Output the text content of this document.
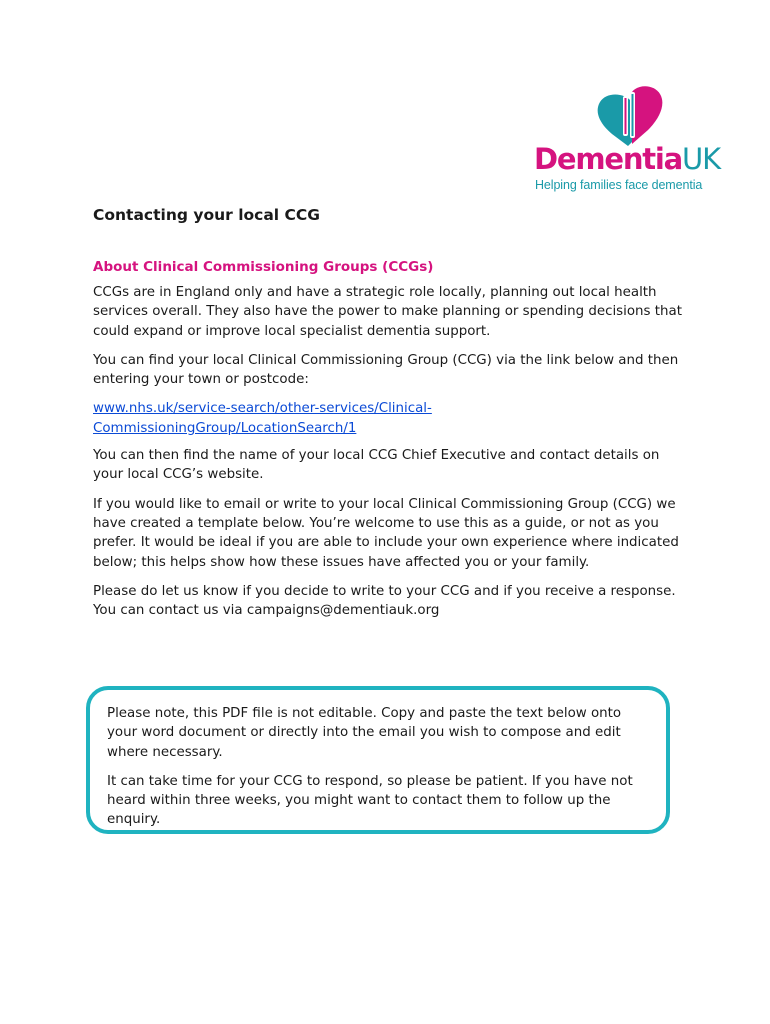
DementiaUK
Helping families face dementia
Contacting your local CCG
About Clinical Commissioning Groups (CCGs)

CCGs are in England only and have a strategic role locally, planning out local health services overall. They also have the power to make planning or spending decisions that could expand or improve local specialist dementia support.

You can find your local Clinical Commissioning Group (CCG) via the link below and then entering your town or postcode:

www.nhs.uk/service-search/other-services/Clinical-
CommissioningGroup/LocationSearch/1

You can then find the name of your local CCG Chief Executive and contact details on your local CCG’s website.

If you would like to email or write to your local Clinical Commissioning Group (CCG) we have created a template below. You’re welcome to use this as a guide, or not as you prefer. It would be ideal if you are able to include your own experience where indicated below; this helps show how these issues have affected you or your family.

Please do let us know if you decide to write to your CCG and if you receive a response. You can contact us via campaigns@dementiauk.org

Please note, this PDF file is not editable. Copy and paste the text below onto your word document or directly into the email you wish to compose and edit where necessary.

It can take time for your CCG to respond, so please be patient. If you have not heard within three weeks, you might want to contact them to follow up the enquiry.
